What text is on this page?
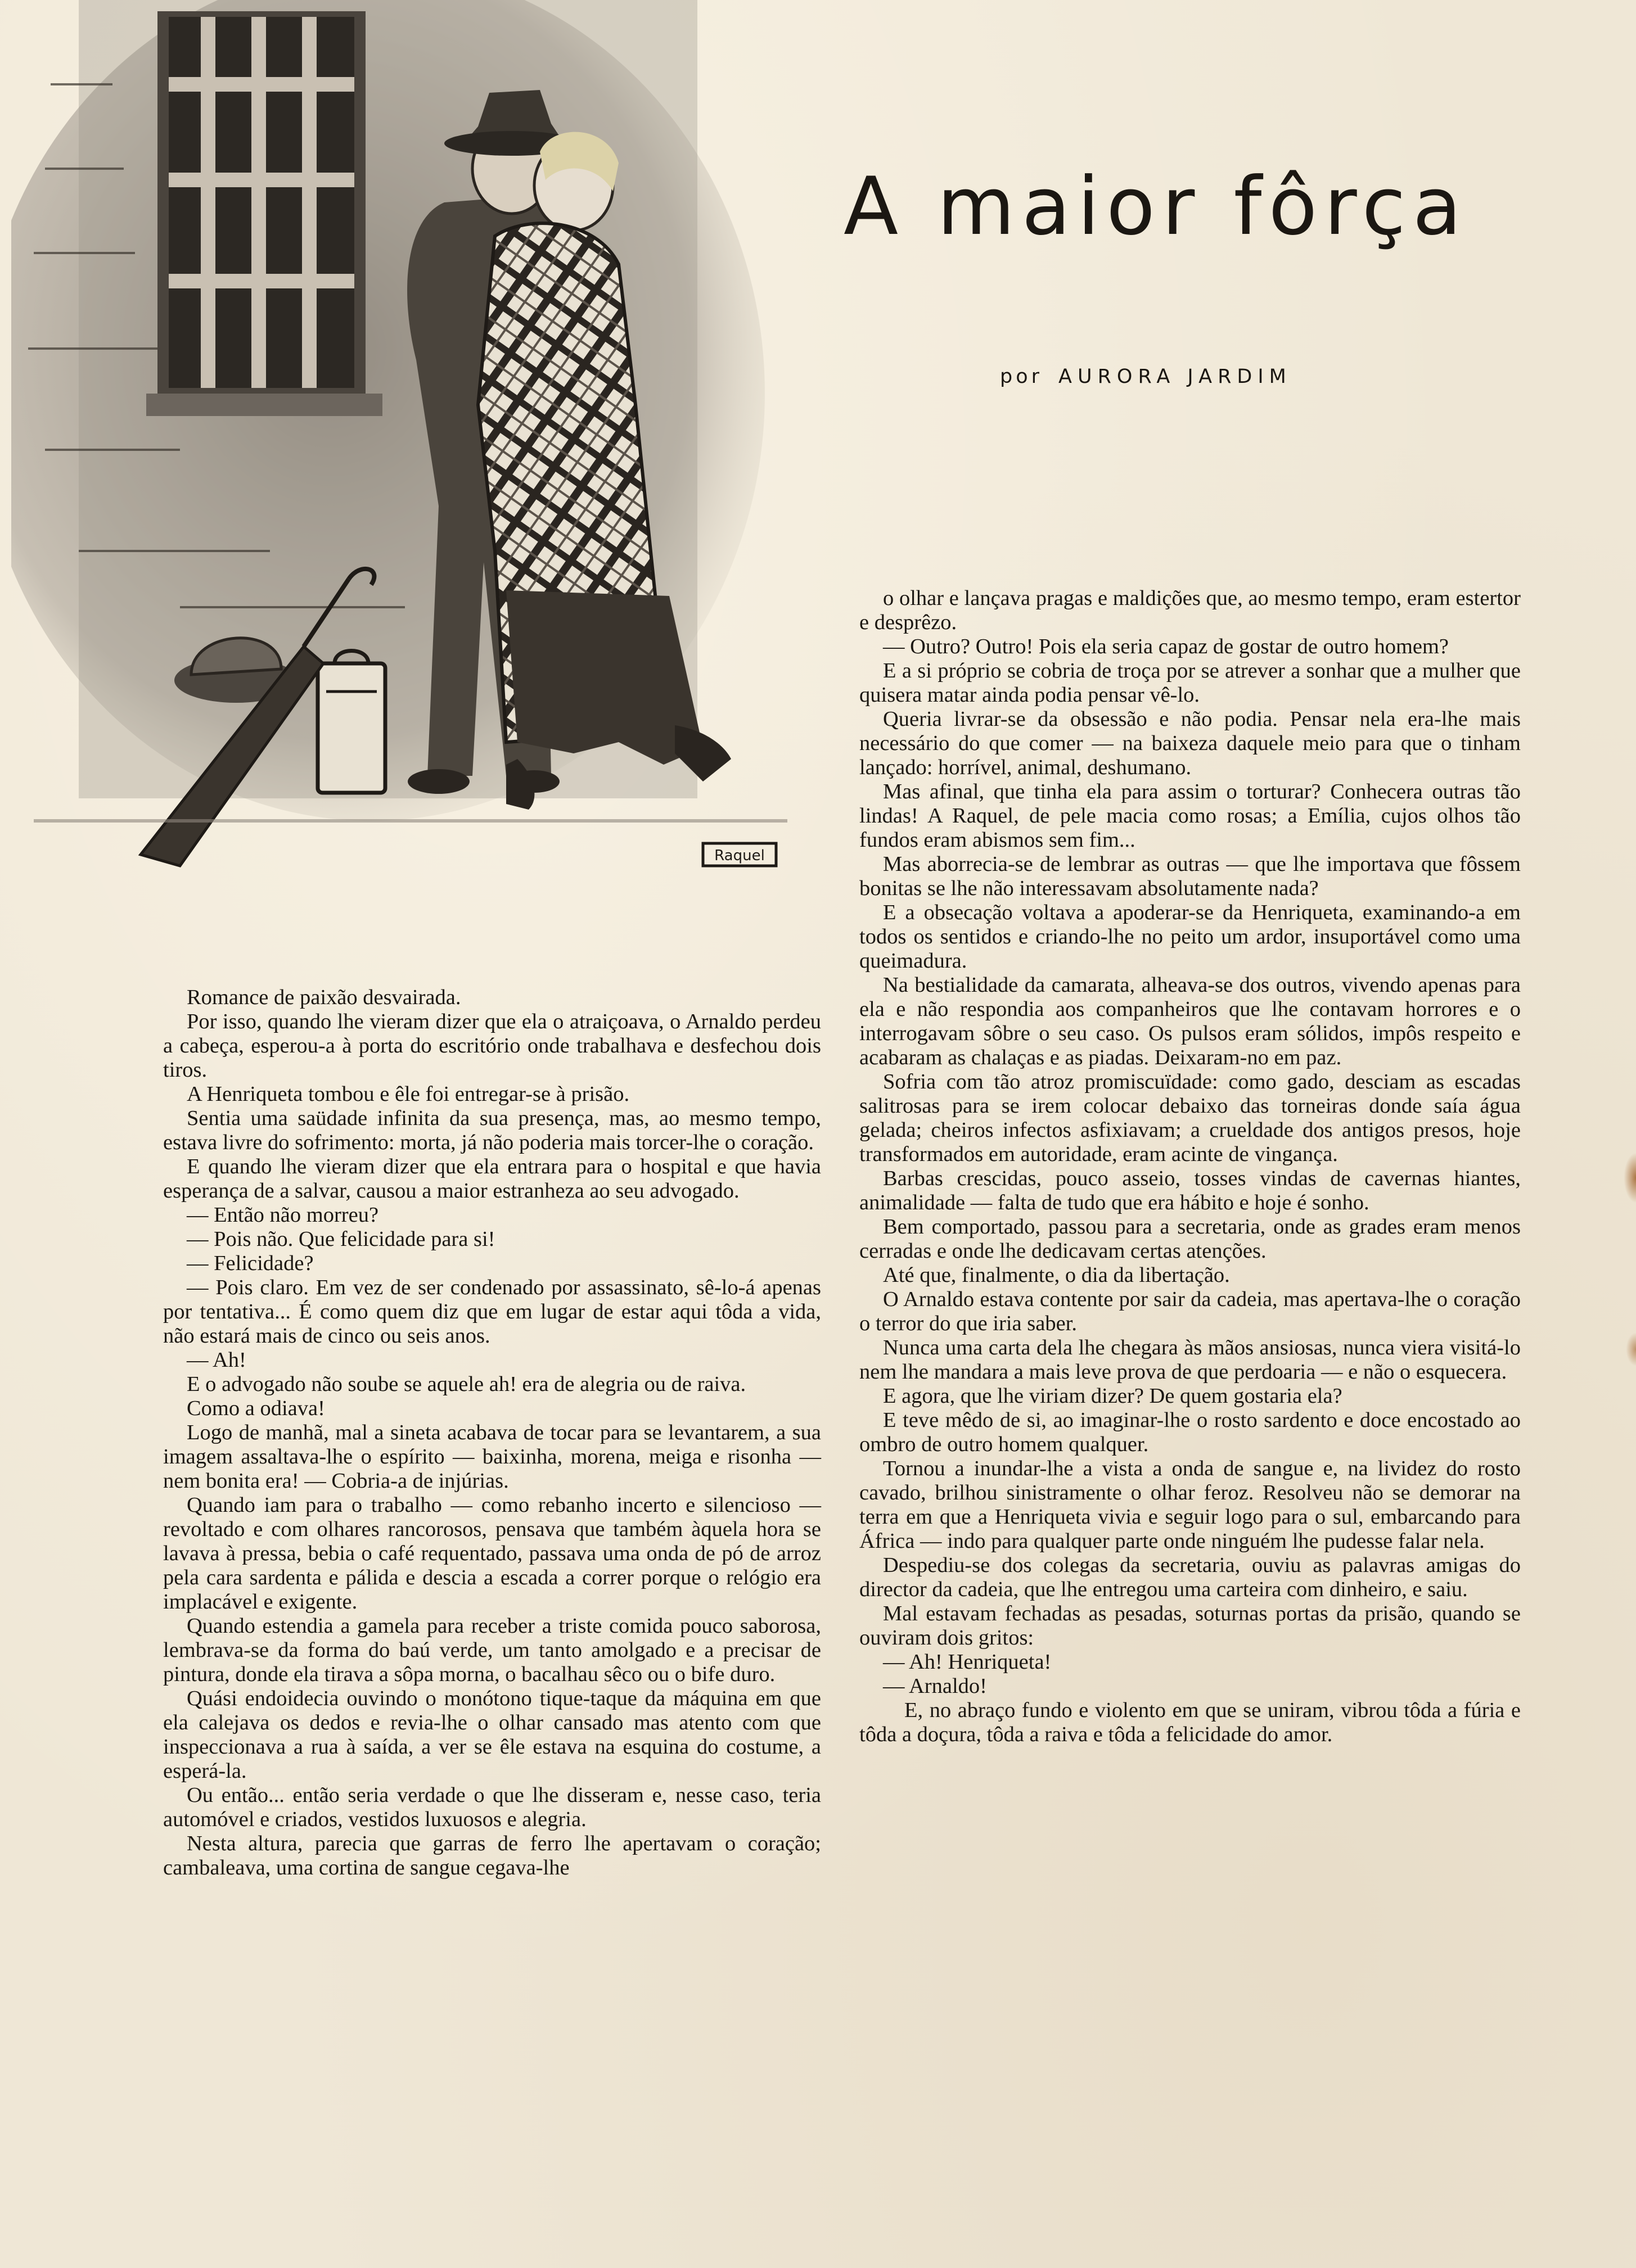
Raquel
A maior fôrça
por AURORA JARDIM

Romance de paixão desvairada.

Por isso, quando lhe vieram dizer que ela o atraiçoava, o Arnaldo perdeu a cabeça, esperou-a à porta do escritório onde trabalhava e desfechou dois tiros.

A Henriqueta tombou e êle foi entregar-se à prisão.

Sentia uma saüdade infinita da sua presença, mas, ao mesmo tempo, estava livre do sofrimento: morta, já não poderia mais torcer-lhe o coração.

E quando lhe vieram dizer que ela entrara para o hospital e que havia esperança de a salvar, causou a maior estranheza ao seu advogado.

— Então não morreu?

— Pois não. Que felicidade para si!

— Felicidade?

— Pois claro. Em vez de ser condenado por assassinato, sê-lo-á apenas por tentativa... É como quem diz que em lugar de estar aqui tôda a vida, não estará mais de cinco ou seis anos.

— Ah!

E o advogado não soube se aquele ah! era de alegria ou de raiva.

Como a odiava!

Logo de manhã, mal a sineta acabava de tocar para se levantarem, a sua imagem assaltava-lhe o espírito — baixinha, morena, meiga e risonha — nem bonita era! — Cobria-a de injúrias.

Quando iam para o trabalho — como rebanho incerto e silencioso — revoltado e com olhares rancorosos, pensava que também àquela hora se lavava à pressa, bebia o café requentado, passava uma onda de pó de arroz pela cara sardenta e pálida e descia a escada a correr porque o relógio era implacável e exigente.

Quando estendia a gamela para receber a triste comida pouco saborosa, lembrava-se da forma do baú verde, um tanto amolgado e a precisar de pintura, donde ela tirava a sôpa morna, o bacalhau sêco ou o bife duro.

Quási endoidecia ouvindo o monótono tique-taque da máquina em que ela calejava os dedos e revia-lhe o olhar cansado mas atento com que inspeccionava a rua à saída, a ver se êle estava na esquina do costume, a esperá-la.

Ou então... então seria verdade o que lhe disseram e, nesse caso, teria automóvel e criados, vestidos luxuosos e alegria.

Nesta altura, parecia que garras de ferro lhe apertavam o coração; cambaleava, uma cortina de sangue cegava-lhe

o olhar e lançava pragas e maldições que, ao mesmo tempo, eram estertor e desprêzo.

— Outro? Outro! Pois ela seria capaz de gostar de outro homem?

E a si próprio se cobria de troça por se atrever a sonhar que a mulher que quisera matar ainda podia pensar vê-lo.

Queria livrar-se da obsessão e não podia. Pensar nela era-lhe mais necessário do que comer — na baixeza daquele meio para que o tinham lançado: horrível, animal, deshumano.

Mas afinal, que tinha ela para assim o torturar? Conhecera outras tão lindas! A Raquel, de pele macia como rosas; a Emília, cujos olhos tão fundos eram abismos sem fim...

Mas aborrecia-se de lembrar as outras — que lhe importava que fôssem bonitas se lhe não interessavam absolutamente nada?

E a obsecação voltava a apoderar-se da Henriqueta, examinando-a em todos os sentidos e criando-lhe no peito um ardor, insuportável como uma queimadura.

Na bestialidade da camarata, alheava-se dos outros, vivendo apenas para ela e não respondia aos companheiros que lhe contavam horrores e o interrogavam sôbre o seu caso. Os pulsos eram sólidos, impôs respeito e acabaram as chalaças e as piadas. Deixaram-no em paz.

Sofria com tão atroz promiscuïdade: como gado, desciam as escadas salitrosas para se irem colocar debaixo das torneiras donde saía água gelada; cheiros infectos asfixiavam; a crueldade dos antigos presos, hoje transformados em autoridade, eram acinte de vingança.

Barbas crescidas, pouco asseio, tosses vindas de cavernas hiantes, animalidade — falta de tudo que era hábito e hoje é sonho.

Bem comportado, passou para a secretaria, onde as grades eram menos cerradas e onde lhe dedicavam certas atenções.

Até que, finalmente, o dia da libertação.

O Arnaldo estava contente por sair da cadeia, mas apertava-lhe o coração o terror do que iria saber.

Nunca uma carta dela lhe chegara às mãos ansiosas, nunca viera visitá-lo nem lhe mandara a mais leve prova de que perdoaria — e não o esquecera.

E agora, que lhe viriam dizer? De quem gostaria ela?

E teve mêdo de si, ao imaginar-lhe o rosto sardento e doce encostado ao ombro de outro homem qualquer.

Tornou a inundar-lhe a vista a onda de sangue e, na lividez do rosto cavado, brilhou sinistramente o olhar feroz. Resolveu não se demorar na terra em que a Henriqueta vivia e seguir logo para o sul, embarcando para África — indo para qualquer parte onde ninguém lhe pudesse falar nela.

Despediu-se dos colegas da secretaria, ouviu as palavras amigas do director da cadeia, que lhe entregou uma carteira com dinheiro, e saiu.

Mal estavam fechadas as pesadas, soturnas portas da prisão, quando se ouviram dois gritos:

— Ah! Henriqueta!

— Arnaldo!

E, no abraço fundo e violento em que se uniram, vibrou tôda a fúria e tôda a doçura, tôda a raiva e tôda a felicidade do amor.
